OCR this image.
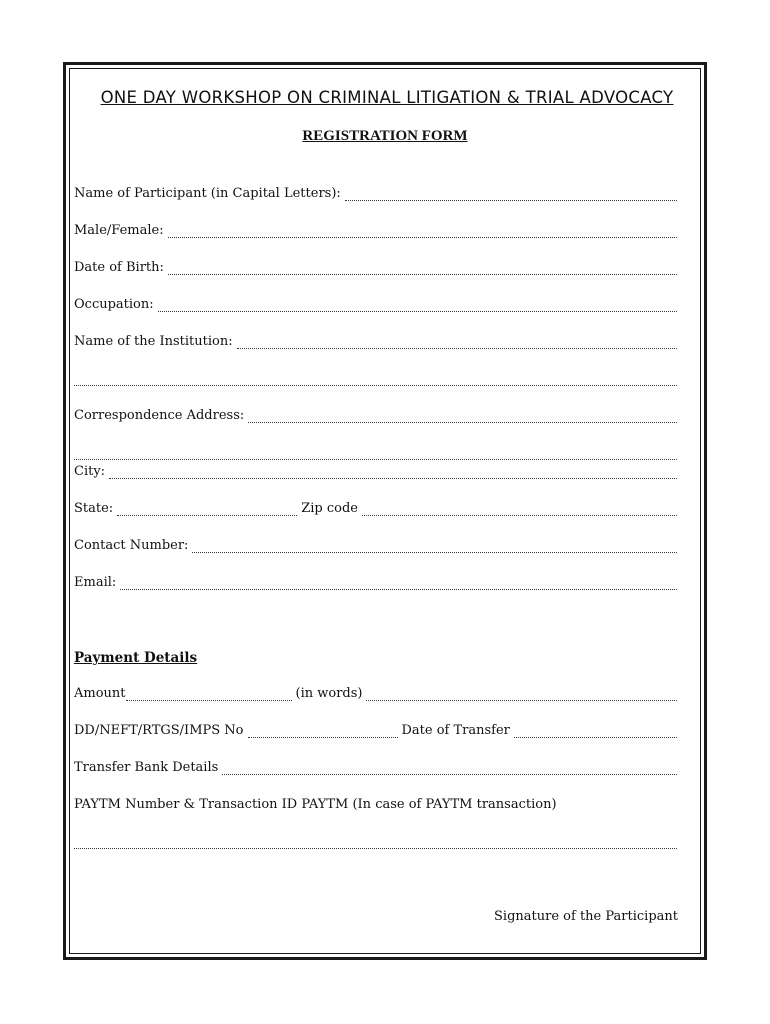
ONE DAY WORKSHOP ON CRIMINAL LITIGATION & TRIAL ADVOCACY
REGISTRATION FORM
Name of Participant (in Capital Letters):
Male/Female:
Date of Birth:
Occupation:
Name of the Institution:
Correspondence Address:
City:
State:	Zip code
Contact Number:
Email:
Payment Details
Amount	(in words)
DD/NEFT/RTGS/IMPS No	Date of Transfer
Transfer Bank Details
PAYTM Number & Transaction ID PAYTM (In case of PAYTM transaction)
Signature of the Participant
